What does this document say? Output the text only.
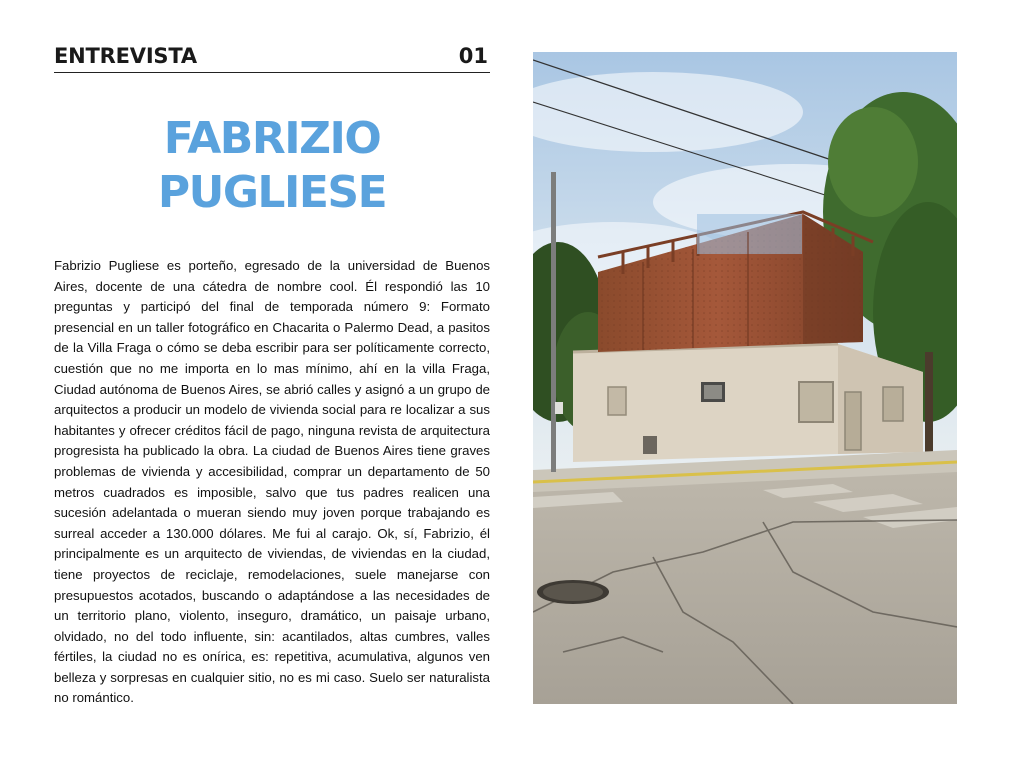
ENTREVISTA	01
FABRIZIO
PUGLIESE

Fabrizio Pugliese es porteño, egresado de la universidad de Buenos Aires, docente de una cátedra de nombre cool. Él respondió las 10 preguntas y participó del final de temporada número 9: Formato presencial en un taller fotográfico en Chacarita o Palermo Dead, a pasitos de la Villa Fraga o cómo se deba escribir para ser políticamente correcto, cuestión que no me importa en lo mas mínimo, ahí en la villa Fraga, Ciudad autónoma de Buenos Aires, se abrió calles y asignó a un grupo de arquitectos a producir un modelo de vivienda social para re localizar a sus habitantes y ofrecer créditos fácil de pago, ninguna revista de arquitectura progresista ha publicado la obra. La ciudad de Buenos Aires tiene graves problemas de vivienda y accesibilidad, comprar un departamento de 50 metros cuadrados es imposible, salvo que tus padres realicen una sucesión adelantada o mueran siendo muy joven porque trabajando es surreal acceder a 130.000 dólares. Me fui al carajo. Ok, sí, Fabrizio, él principalmente es un arquitecto de viviendas, de viviendas en la ciudad, tiene proyectos de reciclaje, remodelaciones, suele manejarse con presupuestos acotados, buscando o adaptándose a las necesidades de un territorio plano, violento, inseguro, dramático, un paisaje urbano, olvidado, no del todo influente, sin: acantilados, altas cumbres, valles fértiles, la ciudad no es onírica, es: repetitiva, acumulativa, algunos ven belleza y sorpresas en cualquier sitio, no es mi caso. Suelo ser naturalista no romántico.
